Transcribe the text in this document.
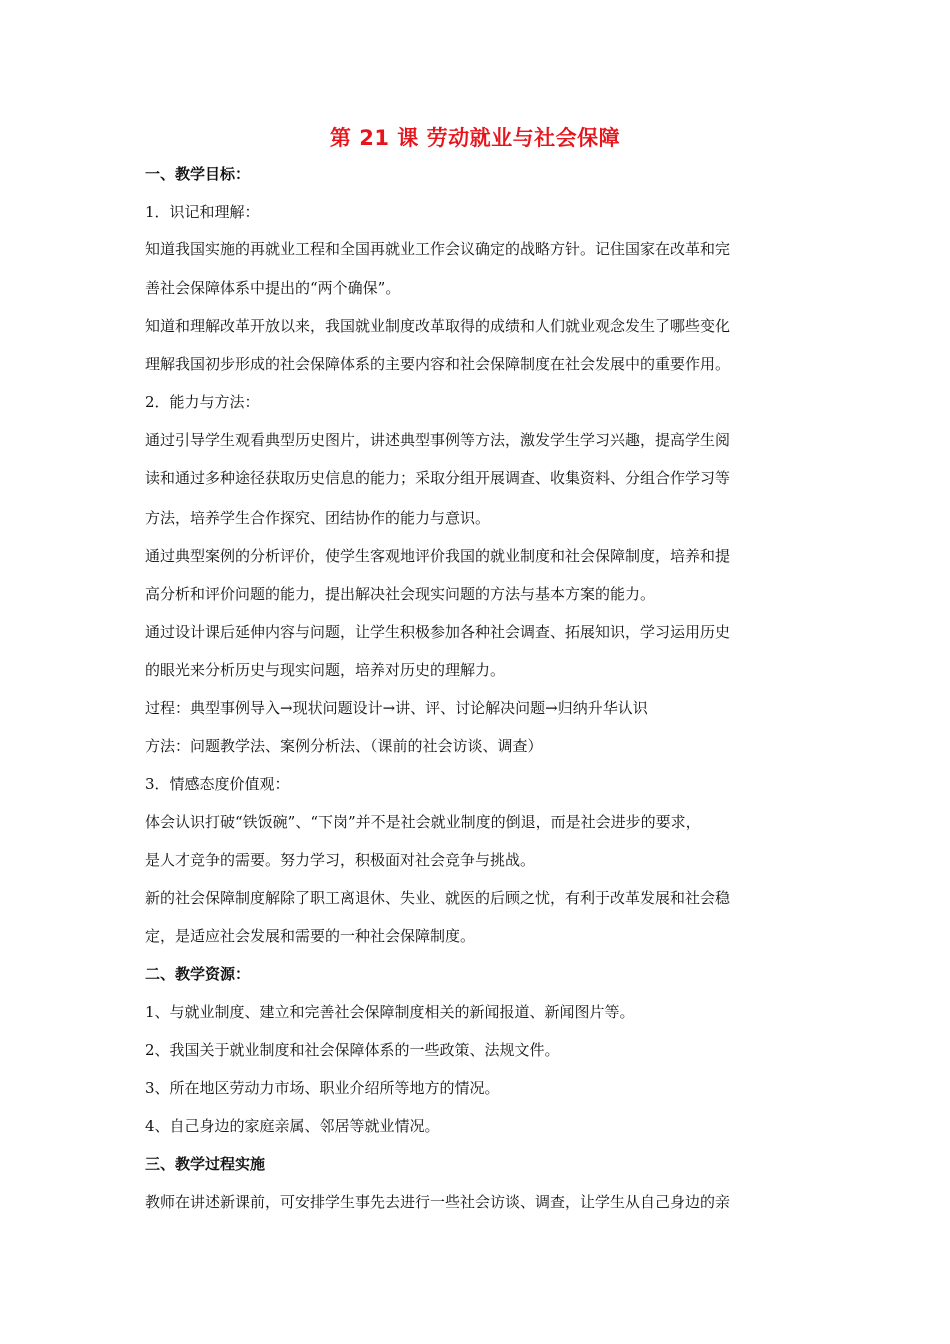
第 21 课 劳动就业与社会保障
一、教学目标：
1．识记和理解：
知道我国实施的再就业工程和全国再就业工作会议确定的战略方针。记住国家在改革和完
善社会保障体系中提出的“两个确保”。
知道和理解改革开放以来，我国就业制度改革取得的成绩和人们就业观念发生了哪些变化
理解我国初步形成的社会保障体系的主要内容和社会保障制度在社会发展中的重要作用。
2．能力与方法：
通过引导学生观看典型历史图片，讲述典型事例等方法，激发学生学习兴趣，提高学生阅
读和通过多种途径获取历史信息的能力；采取分组开展调查、收集资料、分组合作学习等
方法，培养学生合作探究、团结协作的能力与意识。
通过典型案例的分析评价，使学生客观地评价我国的就业制度和社会保障制度，培养和提
高分析和评价问题的能力，提出解决社会现实问题的方法与基本方案的能力。
通过设计课后延伸内容与问题，让学生积极参加各种社会调查、拓展知识，学习运用历史
的眼光来分析历史与现实问题，培养对历史的理解力。
过程：典型事例导入→现状问题设计→讲、评、讨论解决问题→归纳升华认识
方法：问题教学法、案例分析法、（课前的社会访谈、调查）
3．情感态度价值观：
体会认识打破“铁饭碗”、“下岗”并不是社会就业制度的倒退，而是社会进步的要求，
是人才竞争的需要。努力学习，积极面对社会竞争与挑战。
新的社会保障制度解除了职工离退休、失业、就医的后顾之忧，有利于改革发展和社会稳
定，是适应社会发展和需要的一种社会保障制度。
二、教学资源：
1、与就业制度、建立和完善社会保障制度相关的新闻报道、新闻图片等。
2、我国关于就业制度和社会保障体系的一些政策、法规文件。
3、所在地区劳动力市场、职业介绍所等地方的情况。
4、自己身边的家庭亲属、邻居等就业情况。
三、教学过程实施
教师在讲述新课前，可安排学生事先去进行一些社会访谈、调查，让学生从自己身边的亲
